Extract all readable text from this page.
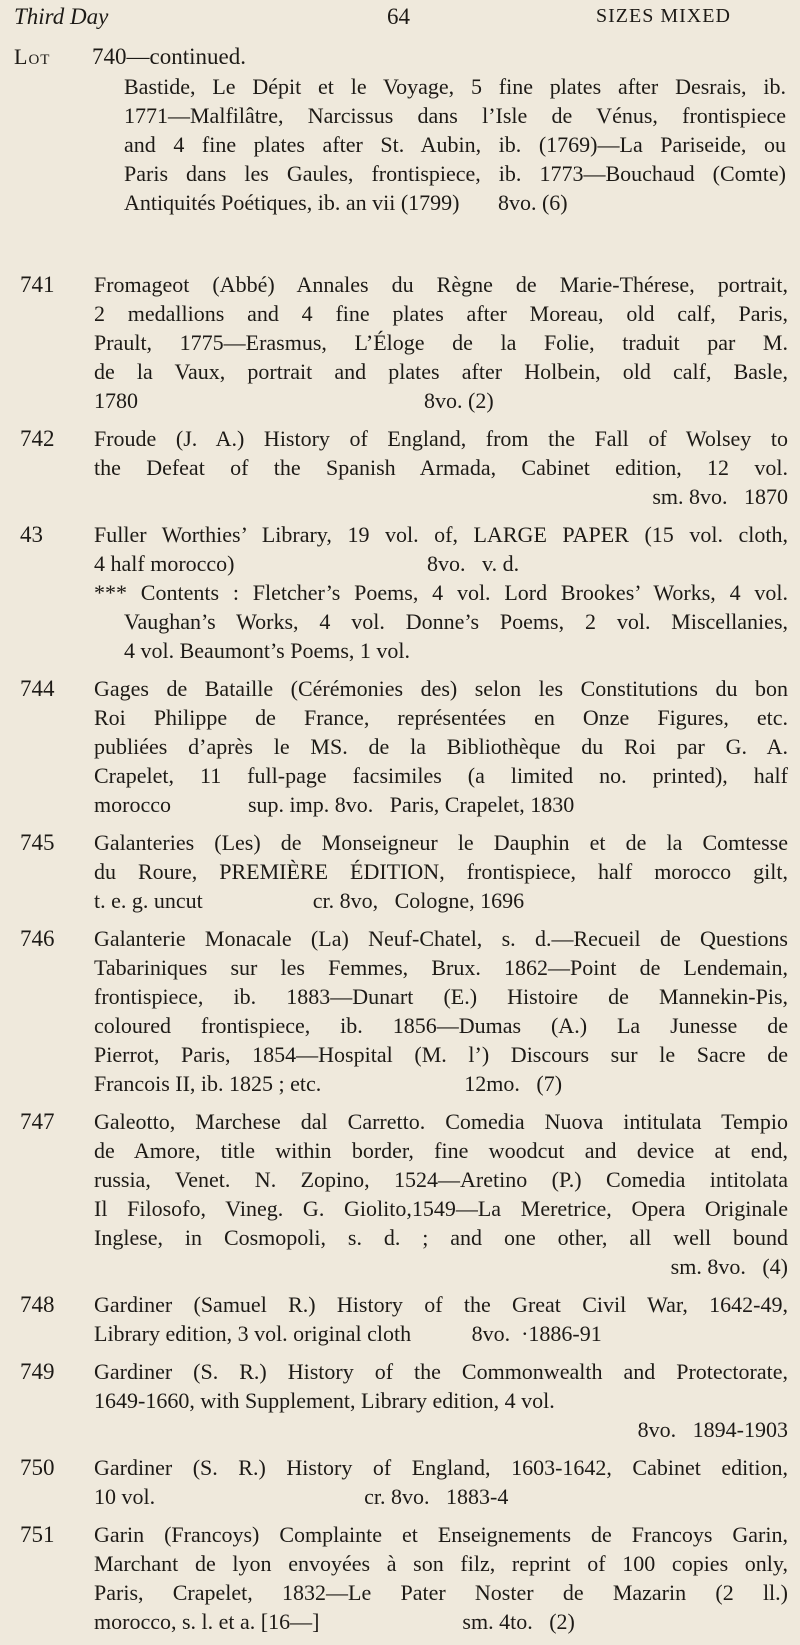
Third Day	64	SIZES MIXED
Lot 740—continued.
Bastide, Le Dépit et le Voyage, 5 fine plates after Desrais, ib.
1771—Malfilâtre, Narcissus dans l’Isle de Vénus, frontispiece
and 4 fine plates after St. Aubin, ib. (1769)—La Pariseide, ou
Paris dans les Gaules, frontispiece, ib. 1773—Bouchaud (Comte)
Antiquités Poétiques, ib. an vii (1799)       8vo. (6)
741	Fromageot (Abbé) Annales du Règne de Marie-Thérese, portrait,
2 medallions and 4 fine plates after Moreau, old calf, Paris,
Prault, 1775—Erasmus, L’Éloge de la Folie, traduit par M.
de la Vaux, portrait and plates after Holbein, old calf, Basle,
1780                                                    8vo. (2)
742	Froude (J. A.) History of England, from the Fall of Wolsey to
the Defeat of the Spanish Armada, Cabinet edition, 12 vol.
sm. 8vo.   1870
43	Fuller Worthies’ Library, 19 vol. of, LARGE PAPER (15 vol. cloth,
4 half morocco)                                   8vo.   v. d.
*** Contents : Fletcher’s Poems, 4 vol. Lord Brookes’ Works, 4 vol.
Vaughan’s Works, 4 vol. Donne’s Poems, 2 vol. Miscellanies,
4 vol. Beaumont’s Poems, 1 vol.
744	Gages de Bataille (Cérémonies des) selon les Constitutions du bon
Roi Philippe de France, représentées en Onze Figures, etc.
publiées d’après le MS. de la Bibliothèque du Roi par G. A.
Crapelet, 11 full-page facsimiles (a limited no. printed), half
morocco              sup. imp. 8vo.   Paris, Crapelet, 1830
745	Galanteries (Les) de Monseigneur le Dauphin et de la Comtesse
du Roure, PREMIÈRE ÉDITION, frontispiece, half morocco gilt,
t. e. g. uncut                    cr. 8vo,   Cologne, 1696
746	Galanterie Monacale (La) Neuf-Chatel, s. d.—Recueil de Questions
Tabariniques sur les Femmes, Brux. 1862—Point de Lendemain,
frontispiece, ib. 1883—Dunart (E.) Histoire de Mannekin-Pis,
coloured frontispiece, ib. 1856—Dumas (A.) La Junesse de
Pierrot, Paris, 1854—Hospital (M. l’) Discours sur le Sacre de
Francois II, ib. 1825 ; etc.                          12mo.   (7)
747	Galeotto, Marchese dal Carretto. Comedia Nuova intitulata Tempio
de Amore, title within border, fine woodcut and device at end,
russia, Venet. N. Zopino, 1524—Aretino (P.) Comedia intitolata
Il Filosofo, Vineg. G. Giolito,1549—La Meretrice, Opera Originale
Inglese, in Cosmopoli, s. d. ; and one other, all well bound
sm. 8vo.   (4)
748	Gardiner (Samuel R.) History of the Great Civil War, 1642-49,
Library edition, 3 vol. original cloth           8vo.  ·1886-91
749	Gardiner (S. R.) History of the Commonwealth and Protectorate,
1649-1660, with Supplement, Library edition, 4 vol.
8vo.   1894-1903
750	Gardiner (S. R.) History of England, 1603-1642, Cabinet edition,
10 vol.                                      cr. 8vo.   1883-4
751	Garin (Francoys) Complainte et Enseignements de Francoys Garin,
Marchant de lyon envoyées à son filz, reprint of 100 copies only,
Paris, Crapelet, 1832—Le Pater Noster de Mazarin (2 ll.)
morocco, s. l. et a. [16—]                          sm. 4to.   (2)
